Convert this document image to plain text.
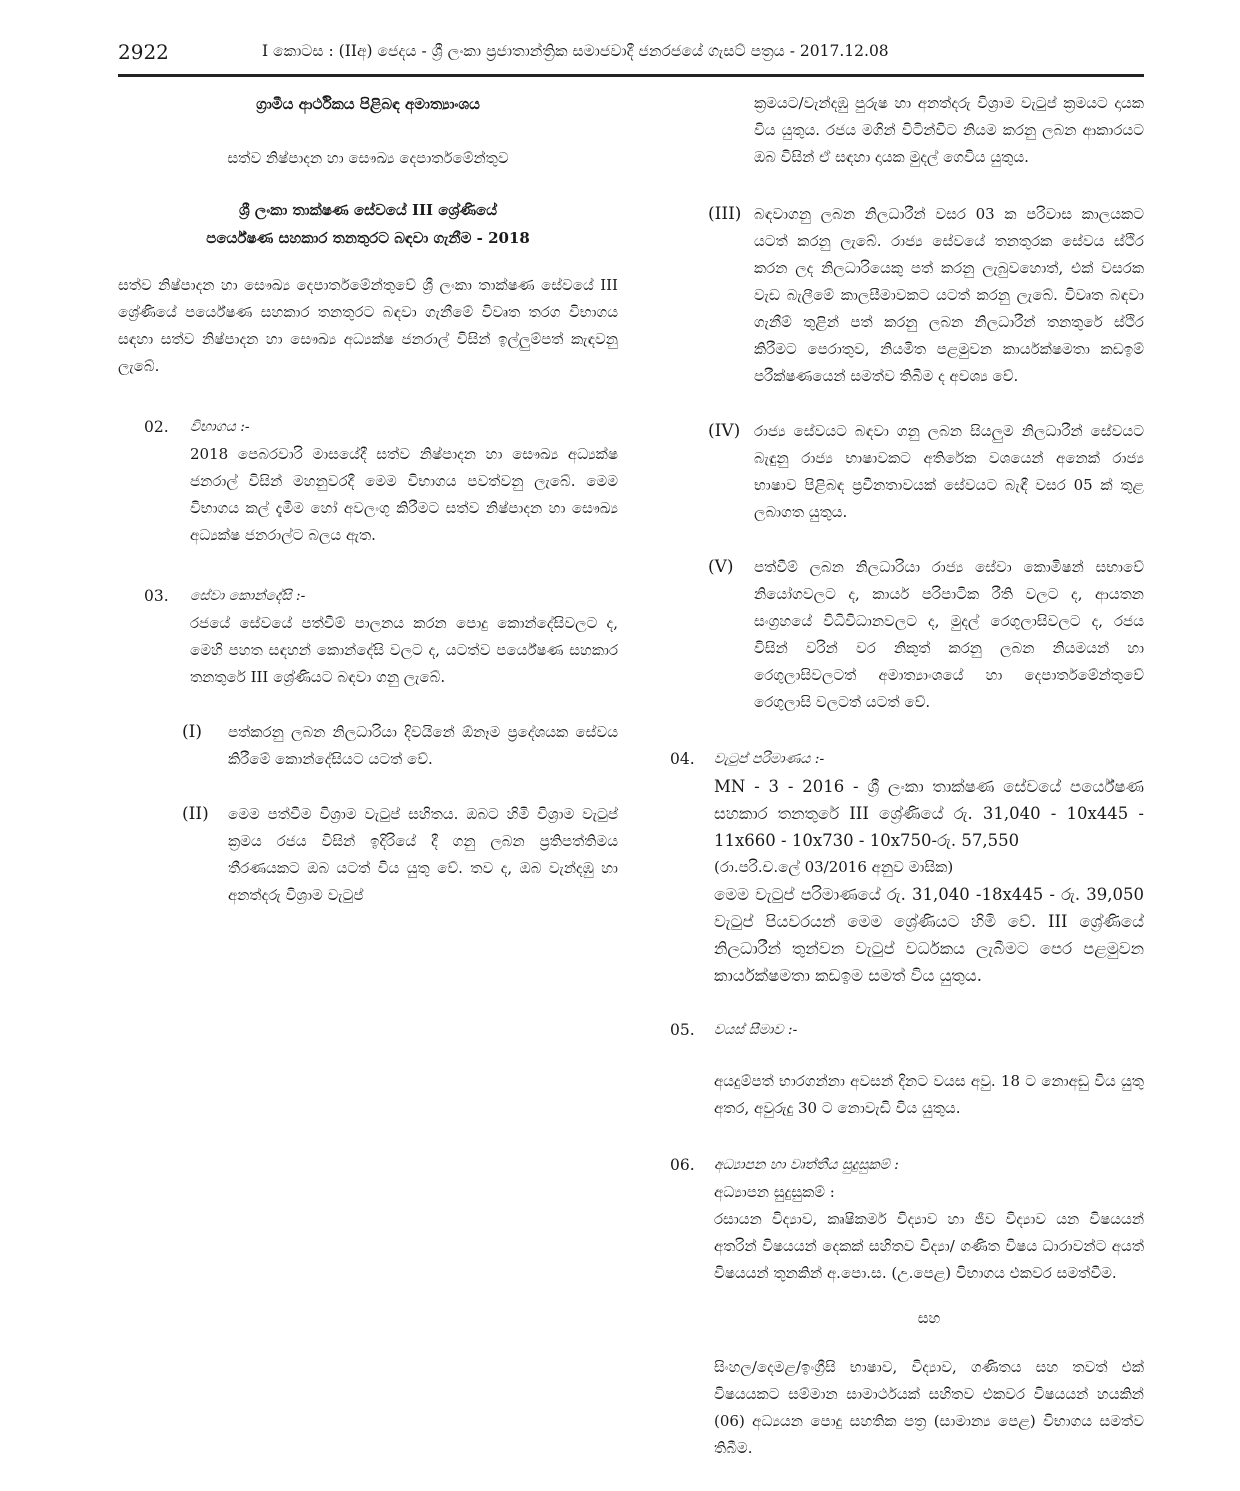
2922	I කොටස : (IIඅ) ජෙදය - ශ්‍රී ලංකා ප්‍රජාතාන්ත්‍රික සමාජවාදී ජනරජයේ ගැසට් පත්‍රය - 2017.12.08

ග්‍රාමීය ආර්ථිකය පිළිබඳ අමාත්‍යාංශය

සත්ව නිෂ්පාදන හා සෞඛ්‍ය දෙපාර්තමේන්තුව

ශ්‍රී ලංකා තාක්ෂණ සේවයේ III ශ්‍රේණියේ

පර්යේෂණ සහකාර තනතුරට බඳවා ගැනීම - 2018

සත්ව නිෂ්පාදන හා සෞඛ්‍ය දෙපාර්තමේන්තුවේ ශ්‍රී ලංකා තාක්ෂණ සේවයේ III ශ්‍රේණියේ පර්යේෂණ සහකාර තනතුරට බඳවා ගැනීමේ විවෘත තරග විභාගය සඳහා සත්ව නිෂ්පාදන හා සෞඛ්‍ය අධ්‍යක්ෂ ජනරාල් විසින් ඉල්ලුම්පත් කැඳවනු ලැබේ.

02. විභාගය :-

2018 පෙබරවාරි මාසයේදී සත්ව නිෂ්පාදන හා සෞඛ්‍ය අධ්‍යක්ෂ ජනරාල් විසින් මහනුවරදී මෙම විභාගය පවත්වනු ලැබේ. මෙම විභාගය කල් දැමීම හෝ අවලංගු කිරීමට සත්ව නිෂ්පාදන හා සෞඛ්‍ය අධ්‍යක්ෂ ජනරාල්ට බලය ඇත.

03. සේවා කොන්දේසි :-

රජයේ සේවයේ පත්වීම් පාලනය කරන පොදු කොන්දේසිවලට ද, මෙහි පහත සඳහන් කොන්දේසි වලට ද, යටත්ව පර්යේෂණ සහකාර තනතුරේ III ශ්‍රේණියට බඳවා ගනු ලැබේ.

(I) පත්කරනු ලබන නිලධාරියා දිවයිනේ ඕනෑම ප්‍රදේශයක සේවය කිරීමේ කොන්දේසියට යටත් වේ.

(II) මෙම පත්වීම විශ්‍රාම වැටුප් සහිතය. ඔබට හිමි විශ්‍රාම වැටුප් ක්‍රමය රජය විසින් ඉදිරියේ දී ගනු ලබන ප්‍රතිපත්තිමය තීරණයකට ඔබ යටත් විය යුතු වේ. තව ද, ඔබ වැන්දඹු හා අනත්දරු විශ්‍රාම වැටුප්

ක්‍රමයට/වැන්දඹු පුරුෂ හා අනත්දරු විශ්‍රාම වැටුප් ක්‍රමයට දායක විය යුතුය. රජය මගින් විටින්විට නියම කරනු ලබන ආකාරයට ඔබ විසින් ඒ සඳහා දායක මුදල් ගෙවිය යුතුය.

(III) බඳවාගනු ලබන නිලධාරීන් වසර 03 ක පරිවාස කාලයකට යටත් කරනු ලැබේ. රාජ්‍ය සේවයේ තනතුරක සේවය ස්ථිර කරන ලද නිලධාරියෙකු පත් කරනු ලැබුවහොත්, එක් වසරක වැඩ බැලීමේ කාලසීමාවකට යටත් කරනු ලැබේ. විවෘත බඳවා ගැනීම් තුළින් පත් කරනු ලබන නිලධාරීන් තනතුරේ ස්ථිර කිරීමට පෙරාතුව, නියමිත පළමුවන කාර්යක්ෂමතා කඩඉම් පරීක්ෂණයෙන් සමත්ව තිබීම ද අවශ්‍ය වේ.

(IV) රාජ්‍ය සේවයට බඳවා ගනු ලබන සියලුම නිලධාරීන් සේවයට බැඳුනු රාජ්‍ය භාෂාවකට අතිරේක වශයෙන් අනෙක් රාජ්‍ය භාෂාව පිළිබඳ ප්‍රවීනතාවයක් සේවයට බැඳී වසර 05 ක් තුළ ලබාගත යුතුය.

(V) පත්වීම් ලබන නිලධාරියා රාජ්‍ය සේවා කොමිෂන් සභාවේ නියෝගවලට ද, කාර්ය පරිපාටික රීති වලට ද, ආයතන සංග්‍රහයේ විධිවිධානවලට ද, මුදල් රෙගුලාසිවලට ද, රජය විසින් වරින් වර නිකුත් කරනු ලබන නියමයන් හා රෙගුලාසිවලටත් අමාත්‍යාංශයේ හා දෙපාර්තමේන්තුවේ රෙගුලාසි වලටත් යටත් වේ.

04. වැටුප් පරිමාණය :-

MN - 3 - 2016 - ශ්‍රී ලංකා තාක්ෂණ සේවයේ පර්යේෂණ සහකාර තනතුරේ III ශ්‍රේණියේ රු. 31,040 - 10x445 - 11x660 - 10x730 - 10x750-රු. 57,550

(රා.පරි.ච.ලේ 03/2016 අනුව මාසික)

මෙම වැටුප් පරිමාණයේ රු. 31,040 -18x445 - රු. 39,050 වැටුප් පියවරයන් මෙම ශ්‍රේණියට හිමි වේ. III ශ්‍රේණියේ නිලධාරීන් තුන්වන වැටුප් වර්ධකය ලැබීමට පෙර පළමුවන කාර්යක්ෂමතා කඩඉම සමත් විය යුතුය.

05. වයස් සීමාව :-

අයදුම්පත් භාරගන්නා අවසන් දිනට වයස අවු. 18 ට නොඅඩු විය යුතු අතර, අවුරුදු 30 ට නොවැඩි විය යුතුය.

06. අධ්‍යාපන හා වෘත්තීය සුදුසුකම් :
අධ්‍යාපන සුදුසුකම් :

රසායන විද්‍යාව, කෘෂිකර්ම විද්‍යාව හා ජීව විද්‍යාව යන විෂයයන් අතරින් විෂයයන් දෙකක් සහිතව විද්‍යා/ ගණිත විෂය ධාරාවන්ට අයත් විෂයයන් තුනකින් අ.පො.ස. (උ.පෙළ) විභාගය එකවර සමත්වීම.

සහ

සිංහල/දෙමළ/ඉංග්‍රීසි භාෂාව, විද්‍යාව, ගණිතය සහ තවත් එක් විෂයයකට සම්මාන සාමාර්ථයක් සහිතව එකවර විෂයයන් හයකින් (06) අධ්‍යයන පොදු සහතික පත්‍ර (සාමාන්‍ය පෙළ) විභාගය සමත්ව තිබීම.
